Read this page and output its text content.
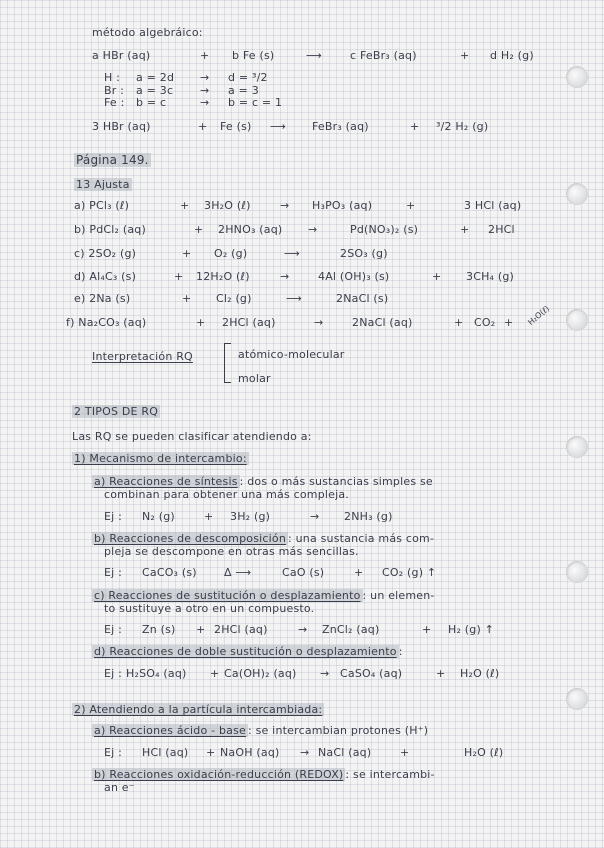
método algebráico:
a HBr (aq)	+ b Fe (s)	⟶	c FeBr₃ (aq)	+ d H₂ (g)
H : a = 2d → d = ³/2
Br : a = 3c → a = 3
Fe : b = c	→ b = c = 1
3 HBr (aq)	+ Fe (s) ⟶ FeBr₃ (aq)	+ ³/2 H₂ (g)
Página 149.
13 Ajusta
a) PCl₃ (ℓ)	+ 3H₂O (ℓ)	→ H₃PO₃ (aq)	+	3 HCl (aq)
b) PdCl₂ (aq)	+ 2HNO₃ (aq) →	Pd(NO₃)₂ (s)	+ 2HCl
c) 2SO₂ (g)	+ O₂ (g)	⟶	2SO₃ (g)
d) Al₄C₃ (s)	+ 12H₂O (ℓ)	→	4Al (OH)₃ (s)	+ 3CH₄ (g)
e) 2Na (s)	+ Cl₂ (g)	⟶	2NaCl (s)
f) Na₂CO₃ (aq)	+ 2HCl (aq)	→	2NaCl (aq)	+ CO₂ + H₂O(ℓ)
Interpretación RQ	atómico-molecular
molar
2 TIPOS DE RQ
Las RQ se pueden clasificar atendiendo a:
1) Mecanismo de intercambio:
a) Reacciones de síntesis : dos o más sustancias simples se
combinan para obtener una más compleja.
Ej : N₂ (g)	+ 3H₂ (g)	→ 2NH₃ (g)
b) Reacciones de descomposición : una sustancia más com-
pleja se descompone en otras más sencillas.
Ej : CaCO₃ (s) Δ ⟶	CaO (s)	+ CO₂ (g) ↑
c) Reacciones de sustitución o desplazamiento : un elemen-
to sustituye a otro en un compuesto.
Ej : Zn (s) + 2HCl (aq)	→ ZnCl₂ (aq)	+ H₂ (g) ↑
d) Reacciones de doble sustitución o desplazamiento :
Ej : H₂SO₄ (aq) + Ca(OH)₂ (aq) → CaSO₄ (aq)	+ H₂O (ℓ)
2) Atendiendo a la partícula intercambiada:
a) Reacciones ácido - base : se intercambian protones (H⁺)
Ej : HCl (aq) + NaOH (aq) → NaCl (aq)	+	H₂O (ℓ)
b) Reacciones oxidación-reducción (REDOX) : se intercambi-
an e⁻
